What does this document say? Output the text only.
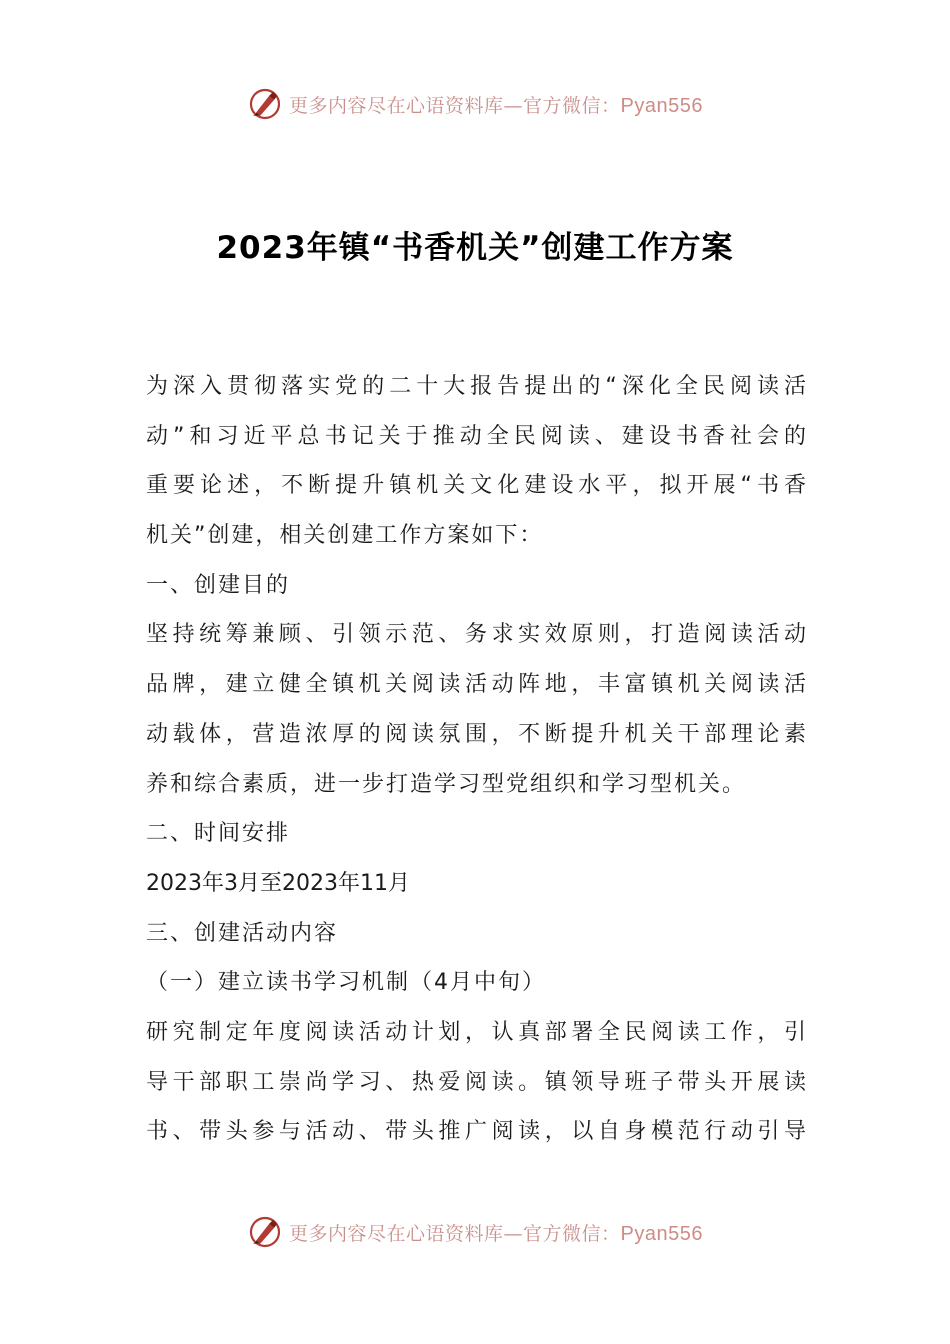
更多内容尽在心语资料库—官方微信：Pyan556
2023年镇“书香机关”创建工作方案
为深入贯彻落实党的二十大报告提出的“深化全民阅读活
动”和习近平总书记关于推动全民阅读、建设书香社会的
重要论述，不断提升镇机关文化建设水平，拟开展“书香
机关”创建，相关创建工作方案如下：
一、创建目的
坚持统筹兼顾、引领示范、务求实效原则，打造阅读活动
品牌，建立健全镇机关阅读活动阵地，丰富镇机关阅读活
动载体，营造浓厚的阅读氛围，不断提升机关干部理论素
养和综合素质，进一步打造学习型党组织和学习型机关。
二、时间安排
2023年3月至2023年11月
三、创建活动内容
（一）建立读书学习机制（4月中旬）
研究制定年度阅读活动计划，认真部署全民阅读工作，引
导干部职工崇尚学习、热爱阅读。镇领导班子带头开展读
书、带头参与活动、带头推广阅读，以自身模范行动引导
更多内容尽在心语资料库—官方微信：Pyan556
